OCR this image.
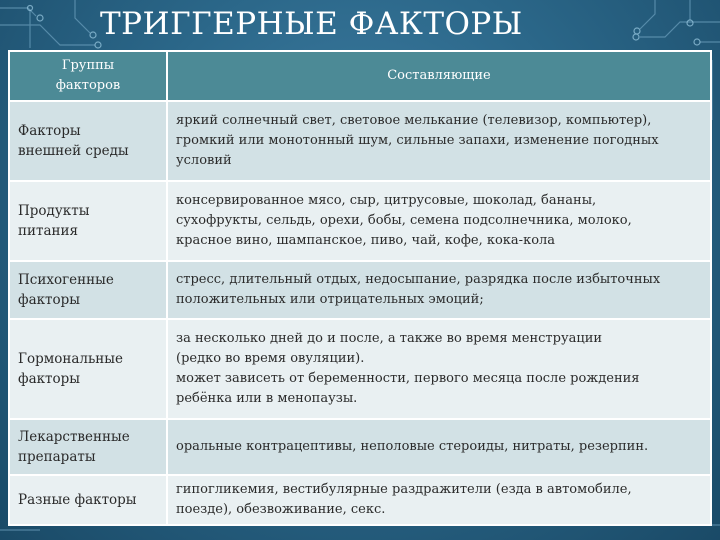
ТРИГГЕРНЫЕ ФАКТОРЫ
Группы
факторов	Составляющие

Факторы
внешней среды	яркий солнечный свет, световое мелькание (телевизор, компьютер),
громкий или монотонный шум, сильные запахи, изменение погодных
условий

Продукты
питания	консервированное мясо, сыр, цитрусовые, шоколад, бананы,
сухофрукты, сельдь, орехи, бобы, семена подсолнечника, молоко,
красное вино, шампанское, пиво, чай, кофе, кока-кола

Психогенные
факторы	стресс, длительный отдых, недосыпание, разрядка после избыточных
положительных или отрицательных эмоций;

Гормональные
факторы	за несколько дней до и после, а также во время менструации
(редко во время овуляции).
может зависеть от беременности, первого месяца после рождения
ребёнка или в менопаузы.

Лекарственные
препараты	оральные контрацептивы, неполовые стероиды, нитраты, резерпин.

Разные факторы	гипогликемия, вестибулярные раздражители (езда в автомобиле,
поезде), обезвоживание, секс.
